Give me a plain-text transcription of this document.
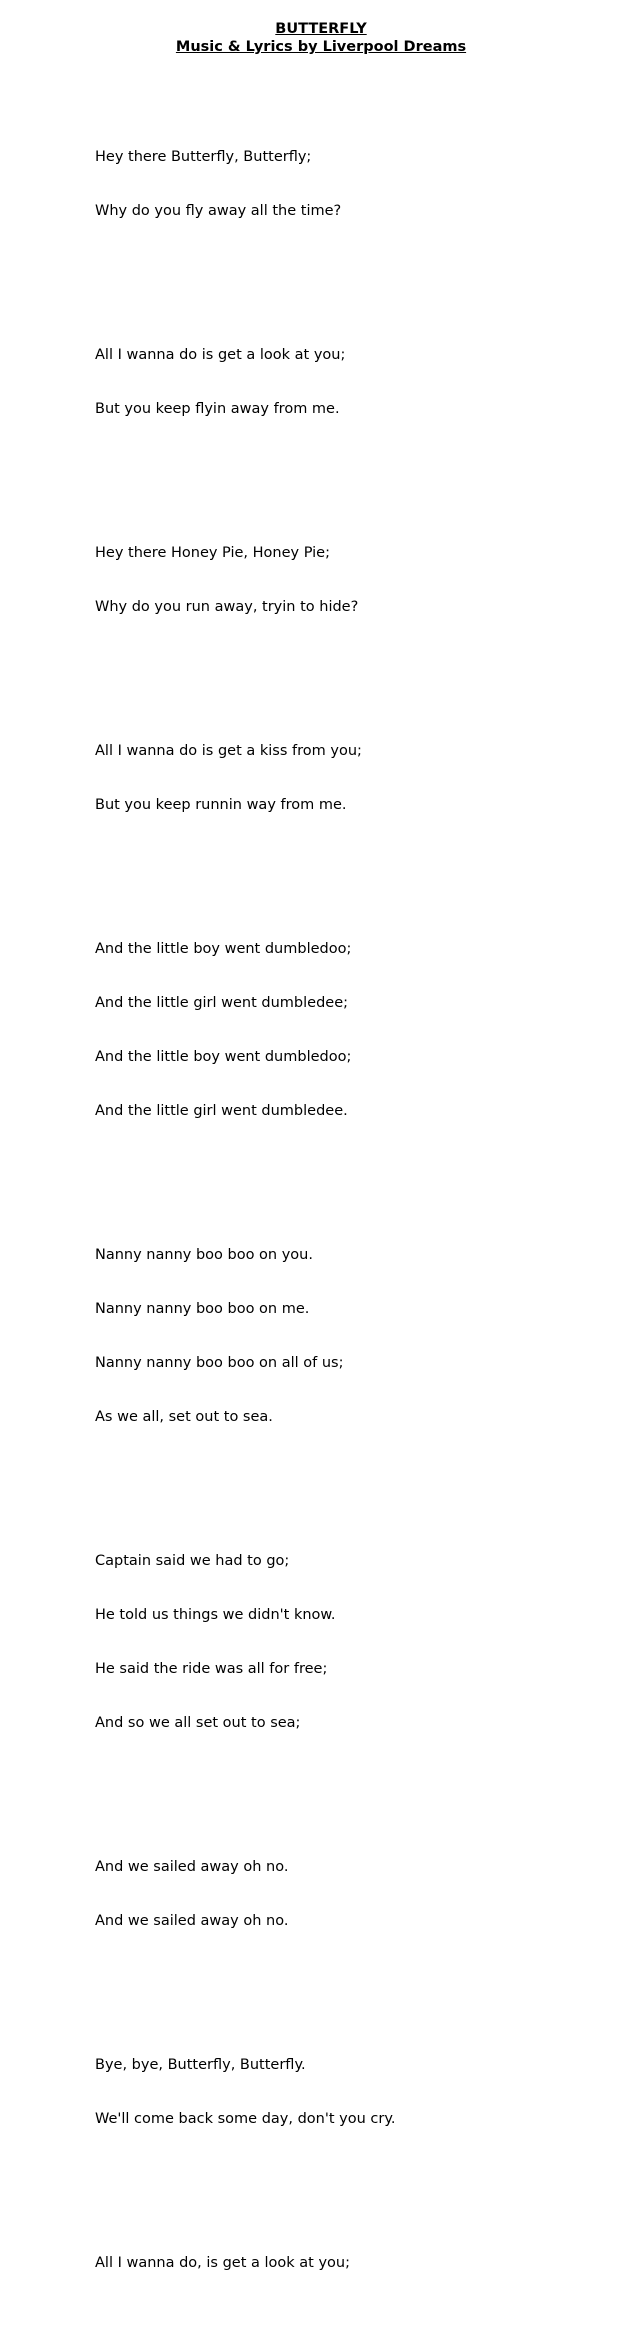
BUTTERFLY
Music & Lyrics by Liverpool Dreams

Hey there Butterfly, Butterfly;

Why do you fly away all the time?

All I wanna do is get a look at you;

But you keep flyin away from me.

Hey there Honey Pie, Honey Pie;

Why do you run away, tryin to hide?

All I wanna do is get a kiss from you;

But you keep runnin way from me.

And the little boy went dumbledoo;

And the little girl went dumbledee;

And the little boy went dumbledoo;

And the little girl went dumbledee.

Nanny nanny boo boo on you.

Nanny nanny boo boo on me.

Nanny nanny boo boo on all of us;

As we all, set out to sea.

Captain said we had to go;

He told us things we didn't know.

He said the ride was all for free;

And so we all set out to sea;

And we sailed away oh no.

And we sailed away oh no.

Bye, bye, Butterfly, Butterfly.

We'll come back some day, don't you cry.

All I wanna do, is get a look at you;
